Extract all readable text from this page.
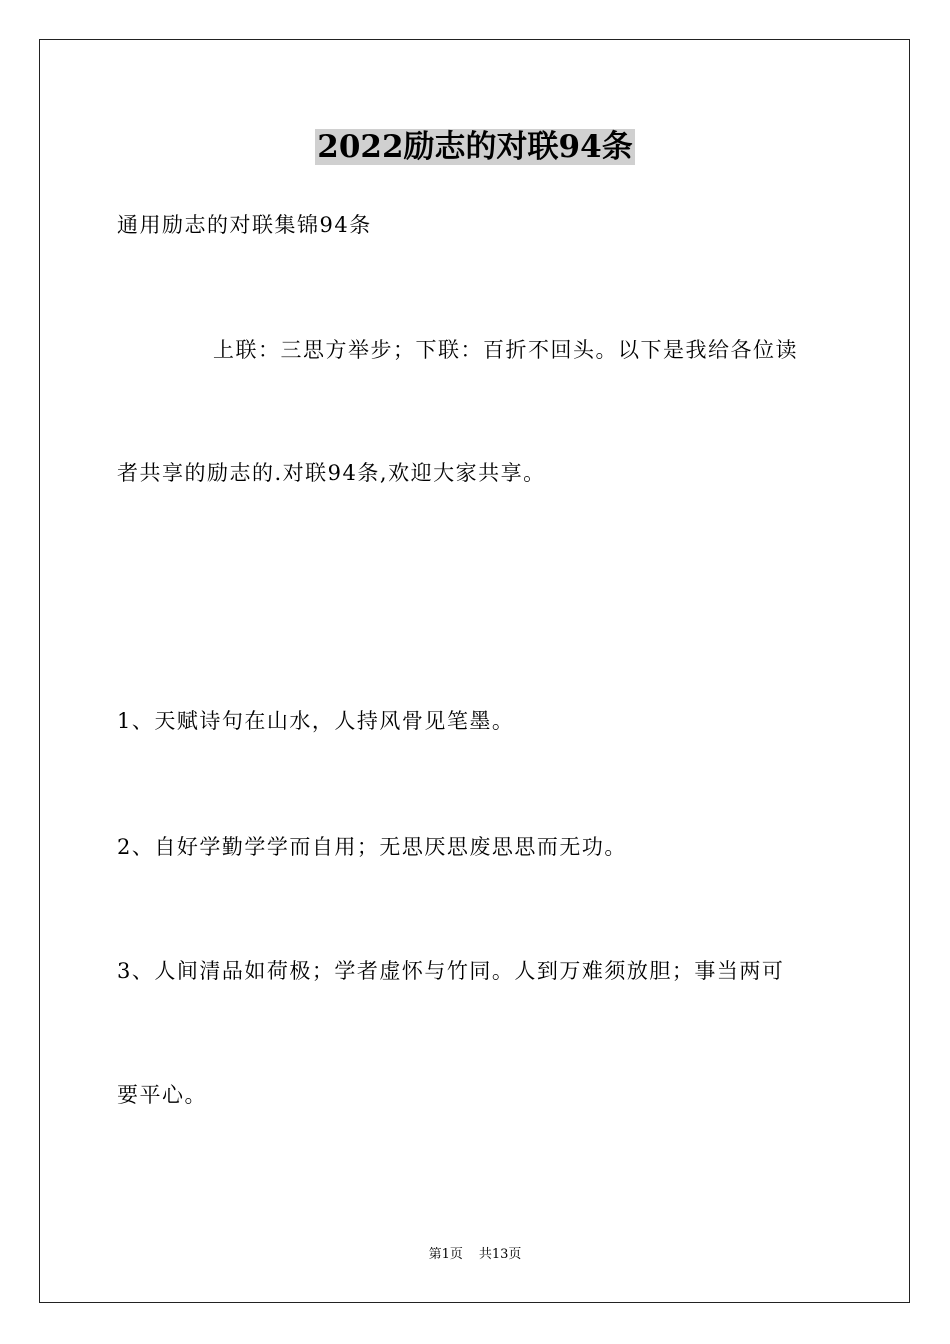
2022励志的对联94条
通用励志的对联集锦94条
上联：三思方举步；下联：百折不回头。以下是我给各位读
者共享的励志的.对联94条,欢迎大家共享。
1、天赋诗句在山水，人持风骨见笔墨。
2、自好学勤学学而自用；无思厌思废思思而无功。
3、人间清品如荷极；学者虚怀与竹同。人到万难须放胆；事当两可
要平心。
第1页 共13页
